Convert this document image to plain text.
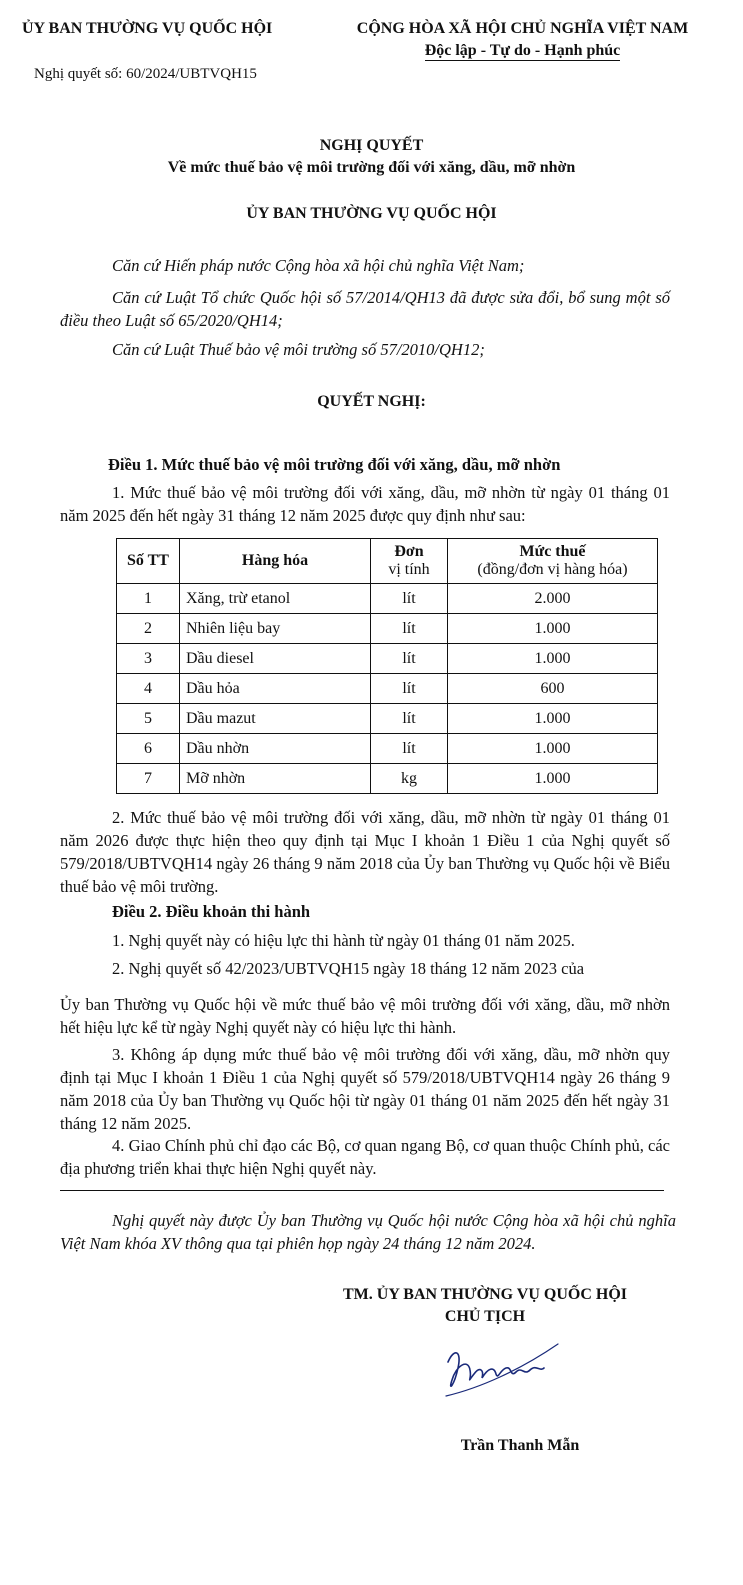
ỦY BAN THƯỜNG VỤ QUỐC HỘI	CỘNG HÒA XÃ HỘI CHỦ NGHĨA VIỆT NAM
Độc lập - Tự do - Hạnh phúc
Nghị quyết số: 60/2024/UBTVQH15
NGHỊ QUYẾT
Về mức thuế bảo vệ môi trường đối với xăng, dầu, mỡ nhờn
ỦY BAN THƯỜNG VỤ QUỐC HỘI
Căn cứ Hiến pháp nước Cộng hòa xã hội chủ nghĩa Việt Nam;
Căn cứ Luật Tổ chức Quốc hội số 57/2014/QH13 đã được sửa đổi, bổ sung một số điều theo Luật số 65/2020/QH14;
Căn cứ Luật Thuế bảo vệ môi trường số 57/2010/QH12;
QUYẾT NGHỊ:
Điều 1. Mức thuế bảo vệ môi trường đối với xăng, dầu, mỡ nhờn
1. Mức thuế bảo vệ môi trường đối với xăng, dầu, mỡ nhờn từ ngày 01 tháng 01 năm 2025 đến hết ngày 31 tháng 12 năm 2025 được quy định như sau:
Số TT	Hàng hóa	Đơn
vị tính	Mức thuế
(đồng/đơn vị hàng hóa)

1	Xăng, trừ etanol	lít	2.000
2	Nhiên liệu bay	lít	1.000
3	Dầu diesel	lít	1.000
4	Dầu hỏa	lít	600
5	Dầu mazut	lít	1.000
6	Dầu nhờn	lít	1.000
7	Mỡ nhờn	kg	1.000
2. Mức thuế bảo vệ môi trường đối với xăng, dầu, mỡ nhờn từ ngày 01 tháng 01 năm 2026 được thực hiện theo quy định tại Mục I khoản 1 Điều 1 của Nghị quyết số 579/2018/UBTVQH14 ngày 26 tháng 9 năm 2018 của Ủy ban Thường vụ Quốc hội về Biểu thuế bảo vệ môi trường.
Điều 2. Điều khoản thi hành
1. Nghị quyết này có hiệu lực thi hành từ ngày 01 tháng 01 năm 2025.
2. Nghị quyết số 42/2023/UBTVQH15 ngày 18 tháng 12 năm 2023 của
Ủy ban Thường vụ Quốc hội về mức thuế bảo vệ môi trường đối với xăng, dầu, mỡ nhờn hết hiệu lực kể từ ngày Nghị quyết này có hiệu lực thi hành.
3. Không áp dụng mức thuế bảo vệ môi trường đối với xăng, dầu, mỡ nhờn quy định tại Mục I khoản 1 Điều 1 của Nghị quyết số 579/2018/UBTVQH14 ngày 26 tháng 9 năm 2018 của Ủy ban Thường vụ Quốc hội từ ngày 01 tháng 01 năm 2025 đến hết ngày 31 tháng 12 năm 2025.
4. Giao Chính phủ chỉ đạo các Bộ, cơ quan ngang Bộ, cơ quan thuộc Chính phủ, các địa phương triển khai thực hiện Nghị quyết này.
Nghị quyết này được Ủy ban Thường vụ Quốc hội nước Cộng hòa xã hội chủ nghĩa Việt Nam khóa XV thông qua tại phiên họp ngày 24 tháng 12 năm 2024.
TM. ỦY BAN THƯỜNG VỤ QUỐC HỘI
CHỦ TỊCH
Trần Thanh Mẫn
